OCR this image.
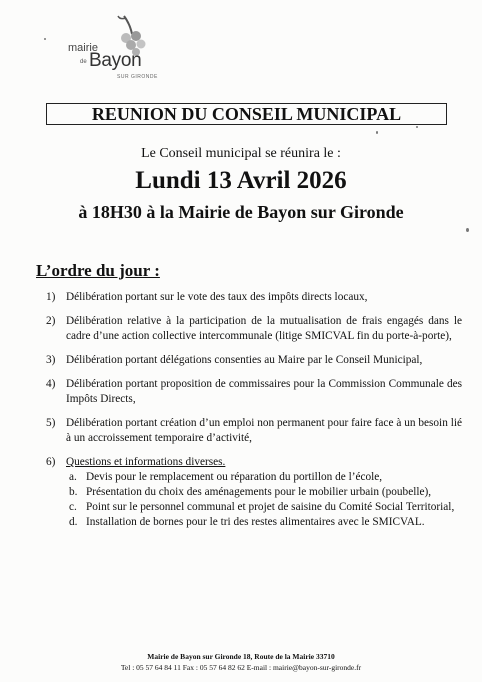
mairie
de Bayon
SUR GIRONDE
REUNION DU CONSEIL MUNICIPAL
Le Conseil municipal se réunira le :
Lundi 13 Avril 2026
à 18H30 à la Mairie de Bayon sur Gironde
L’ordre du jour :
1) Délibération portant sur le vote des taux des impôts directs locaux,
2) Délibération relative à la participation de la mutualisation de frais engagés dans le cadre d’une action collective intercommunale (litige SMICVAL fin du porte-à-porte),
3) Délibération portant délégations consenties au Maire par le Conseil Municipal,
4) Délibération portant proposition de commissaires pour la Commission Communale des Impôts Directs,
5) Délibération portant création d’un emploi non permanent pour faire face à un besoin lié à un accroissement temporaire d’activité,
6) Questions et informations diverses.
a. Devis pour le remplacement ou réparation du portillon de l’école,
b. Présentation du choix des aménagements pour le mobilier urbain (poubelle),
c. Point sur le personnel communal et projet de saisine du Comité Social Territorial,
d. Installation de bornes pour le tri des restes alimentaires avec le SMICVAL.
Mairie de Bayon sur Gironde 18, Route de la Mairie 33710
Tel : 05 57 64 84 11 Fax : 05 57 64 82 62 E-mail : mairie@bayon-sur-gironde.fr
